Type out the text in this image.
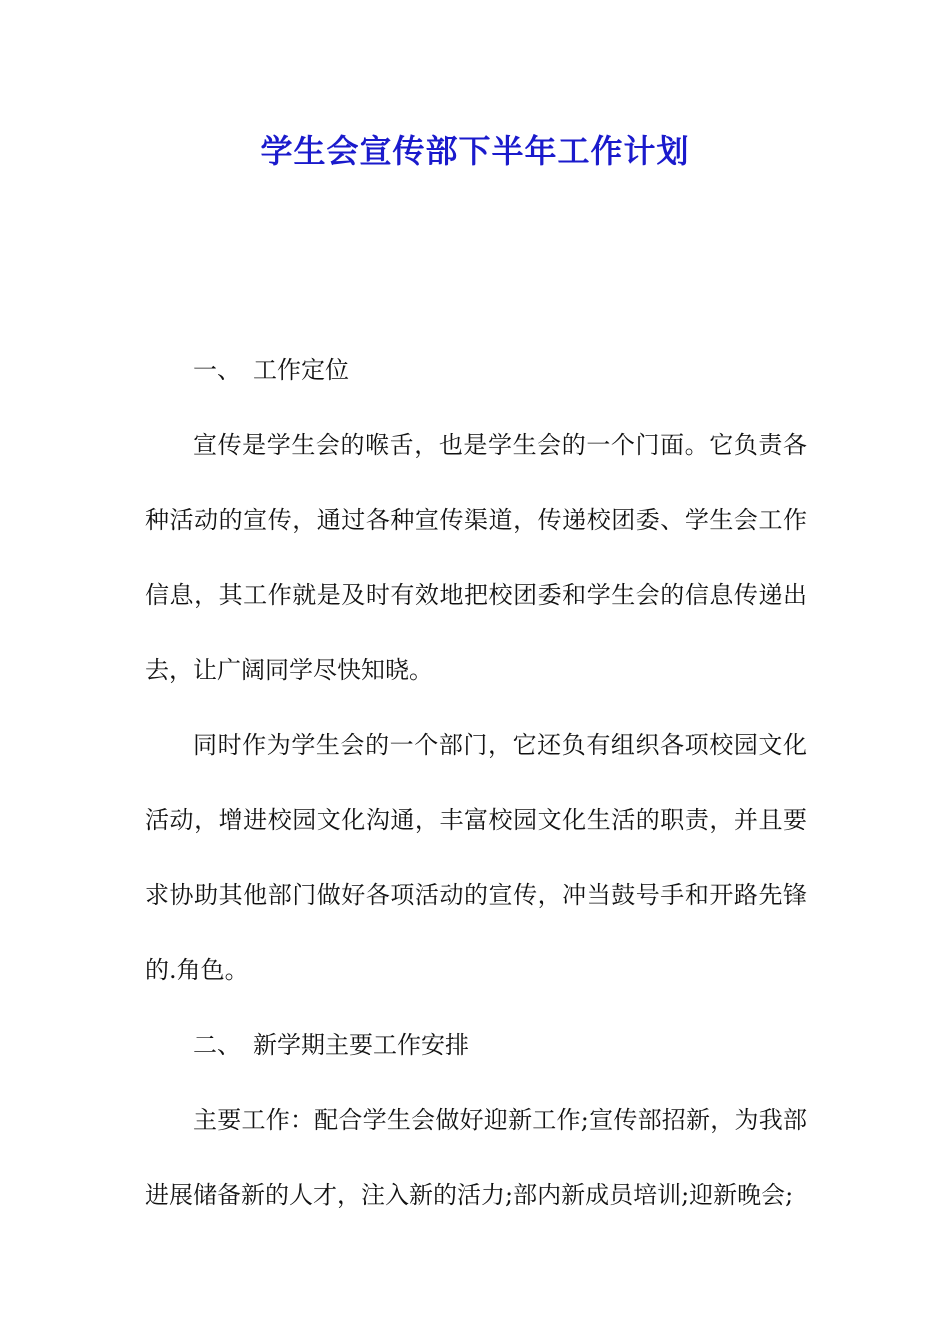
学生会宣传部下半年工作计划

一、 工作定位

宣传是学生会的喉舌，也是学生会的一个门面。它负责各种活动的宣传，通过各种宣传渠道，传递校团委、学生会工作信息，其工作就是及时有效地把校团委和学生会的信息传递出去，让广阔同学尽快知晓。

同时作为学生会的一个部门，它还负有组织各项校园文化活动，增进校园文化沟通，丰富校园文化生活的职责，并且要求协助其他部门做好各项活动的宣传，冲当鼓号手和开路先锋的.角色。

二、 新学期主要工作安排

主要工作：配合学生会做好迎新工作;宣传部招新，为我部进展储备新的人才，注入新的活力;部内新成员培训;迎新晚会;
